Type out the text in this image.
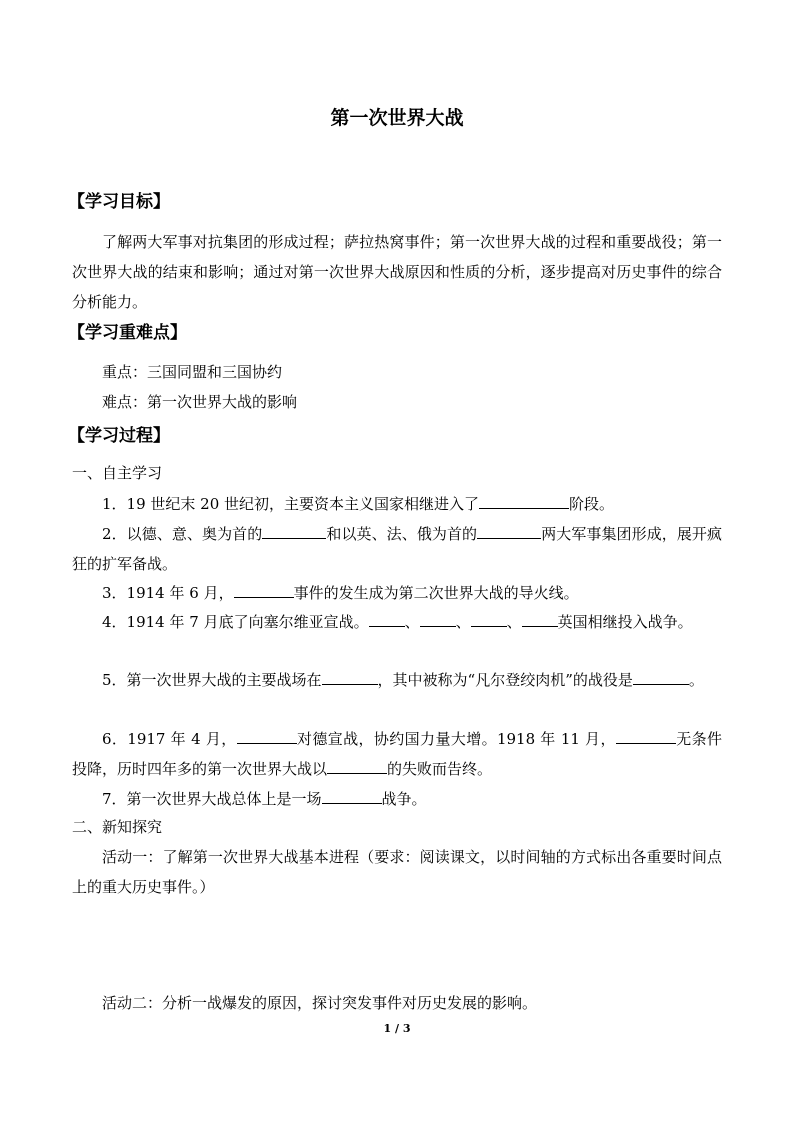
第一次世界大战
【学习目标】
了解两大军事对抗集团的形成过程；萨拉热窝事件；第一次世界大战的过程和重要战役；第一次世界大战的结束和影响；通过对第一次世界大战原因和性质的分析，逐步提高对历史事件的综合分析能力。
【学习重难点】
重点：三国同盟和三国协约
难点：第一次世界大战的影响
【学习过程】
一、自主学习
1．19 世纪末 20 世纪初，主要资本主义国家相继进入了	阶段。
2．以德、意、奥为首的	和以英、法、俄为首的	两大军事集团形成，展开疯狂的扩军备战。
3．1914 年 6 月，	事件的发生成为第二次世界大战的导火线。
4．1914 年 7 月底了向塞尔维亚宣战。 、 、 、 英国相继投入战争。
5．第一次世界大战的主要战场在	，其中被称为“凡尔登绞肉机”的战役是	。
6．1917 年 4 月，	对德宣战，协约国力量大增。1918 年 11 月，	无条件投降，历时四年多的第一次世界大战以	的失败而告终。
7．第一次世界大战总体上是一场	战争。
二、新知探究
活动一：了解第一次世界大战基本进程（要求：阅读课文，以时间轴的方式标出各重要时间点上的重大历史事件。）
活动二：分析一战爆发的原因，探讨突发事件对历史发展的影响。
1 / 3
